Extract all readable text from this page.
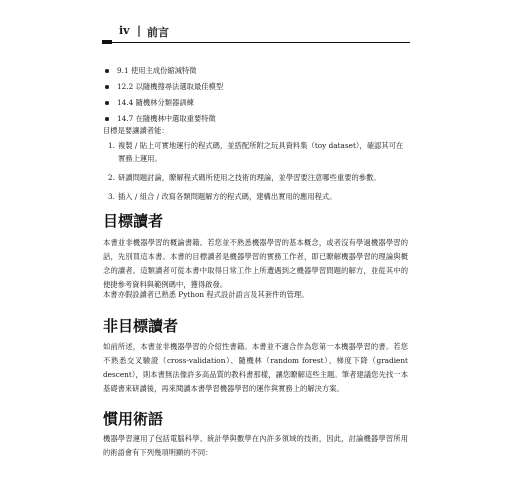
iv | 前言
9.1 使用主成份縮減特徵
12.2 以隨機搜尋法選取最佳模型
14.4 隨機林分類器訓練
14.7 在隨機林中選取重要特徵

目標是要讓讀者能：

1. 複製 / 貼上可實地運行的程式碼，並搭配所附之玩具資料集（toy dataset），確認其可在實務上運用。
2. 研讀問題討論，瞭解程式碼所使用之技術的理論，並學習要注意哪些重要的參數。
3. 插入 / 組合 / 改寫各類問題解方的程式碼，建構出實用的應用程式。
目標讀者

本書並非機器學習的概論書籍。若您並不熟悉機器學習的基本概念，或者沒有學過機器學習的話，先別買這本書。本書的目標讀者是機器學習的實務工作者，即已瞭解機器學習的理論與概念的讀者。這類讀者可從本書中取得日常工作上所遭遇到之機器學習問題的解方，並從其中的便捷參考資料與範例碼中，獲得啟發。

本書亦假設讀者已熟悉 Python 程式設計語言及其套件的管理。

非目標讀者

如前所述，本書並非機器學習的介紹性書籍。本書並不適合作為您第一本機器學習的書。若您不熟悉交叉驗證（cross-validation）、隨機林（random forest）、梯度下降（gradient descent），則本書無法像許多高品質的教科書那樣，讓您瞭解這些主題。筆者建議您先找一本基礎書來研讀後，再來閱讀本書學習機器學習的運作與實務上的解決方案。

慣用術語

機器學習運用了包括電腦科學、統計學與數學在內許多領域的技術，因此，討論機器學習所用的術語會有下列幾項明顯的不同：
